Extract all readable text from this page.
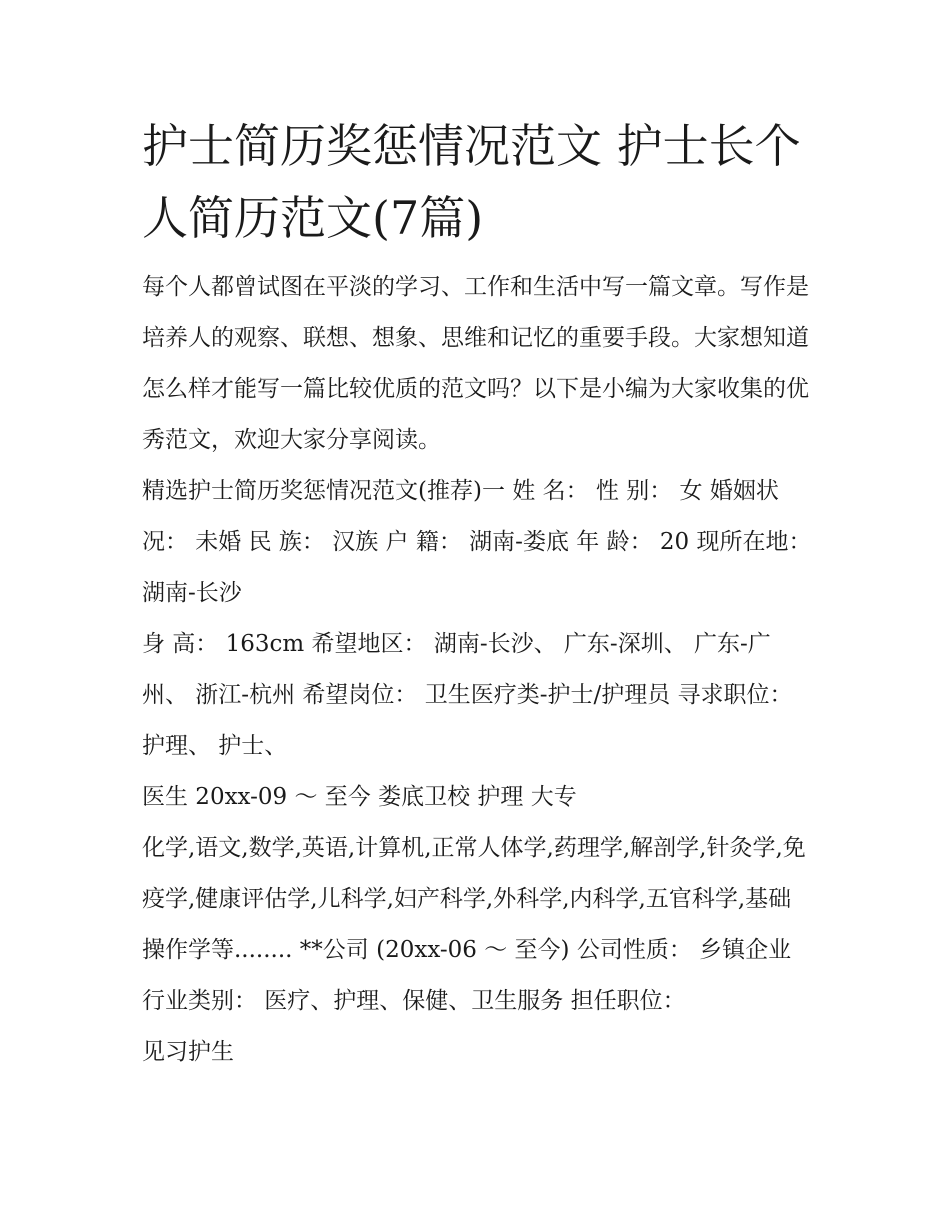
护士简历奖惩情况范文 护士长个人简历范文(7篇)

每个人都曾试图在平淡的学习、工作和生活中写一篇文章。写作是培养人的观察、联想、想象、思维和记忆的重要手段。大家想知道怎么样才能写一篇比较优质的范文吗？以下是小编为大家收集的优秀范文，欢迎大家分享阅读。

精选护士简历奖惩情况范文(推荐)一 姓 名： 性 别： 女 婚姻状况： 未婚 民 族： 汉族 户 籍： 湖南-娄底 年 龄： 20 现所在地： 湖南-长沙

身 高： 163cm 希望地区： 湖南-长沙、 广东-深圳、 广东-广州、 浙江-杭州 希望岗位： 卫生医疗类-护士/护理员 寻求职位： 护理、 护士、

医生 20xx-09 ～ 至今 娄底卫校 护理 大专

化学,语文,数学,英语,计算机,正常人体学,药理学,解剖学,针灸学,免疫学,健康评估学,儿科学,妇产科学,外科学,内科学,五官科学,基础操作学等........ **公司 (20xx-06 ～ 至今) 公司性质： 乡镇企业 行业类别： 医疗、护理、保健、卫生服务 担任职位：

见习护生
